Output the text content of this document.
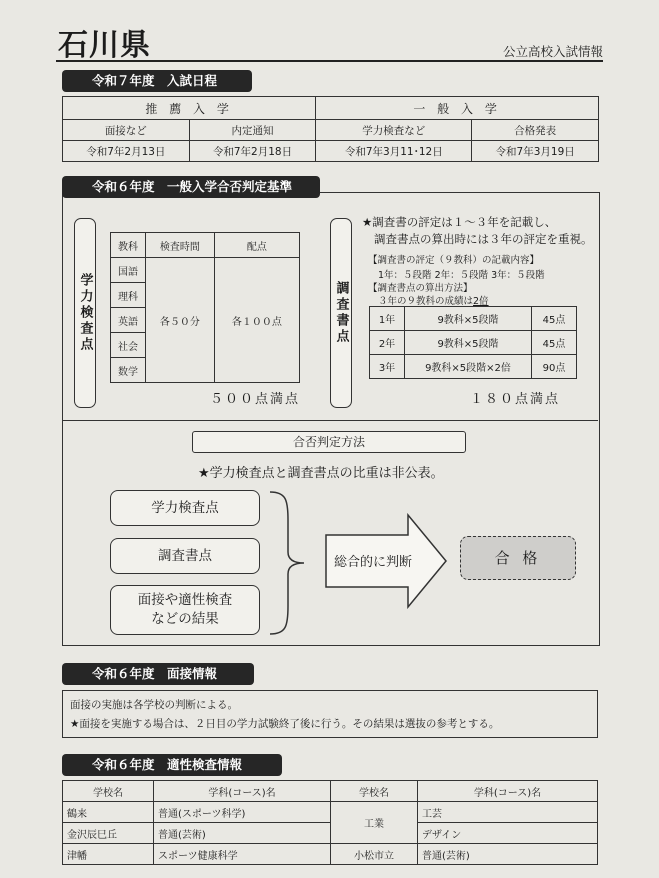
石川県	公立高校入試情報
令和７年度　入試日程
推 薦 入 学		一 般 入 学	
面接など	内定通知	学力検査など	合格発表
令和7年2月13日	令和7年2月18日	令和7年3月11･12日	令和7年3月19日
令和６年度　一般入学合否判定基準
学力検査点
教科	検査時間	配点
国語	各５０分	各１００点
理科		
英語		
社会		
数学		
５００点満点
調査書点
★調査書の評定は１～３年を記載し、
調査書点の算出時には３年の評定を重視。
【調査書の評定（９教科）の記載内容】
1年：５段階 2年：５段階 3年：５段階
【調査書点の算出方法】
３年の９教科の成績は2倍
1年	9教科×5段階	45点
2年	9教科×5段階	45点
3年	9教科×5段階×2倍	90点
１８０点満点
合否判定方法
★学力検査点と調査書点の比重は非公表。
学力検査点
調査書点
面接や適性検査
などの結果
総合的に判断	合 格
令和６年度　面接情報
面接の実施は各学校の判断による。
★面接を実施する場合は、２日目の学力試験終了後に行う。その結果は選抜の参考とする。
令和６年度　適性検査情報
学校名	学科(コース)名	学校名	学科(コース)名
鶴来	普通(スポーツ科学)	工業	工芸
金沢辰巳丘	普通(芸術)		デザイン
津幡	スポーツ健康科学	小松市立	普通(芸術)
